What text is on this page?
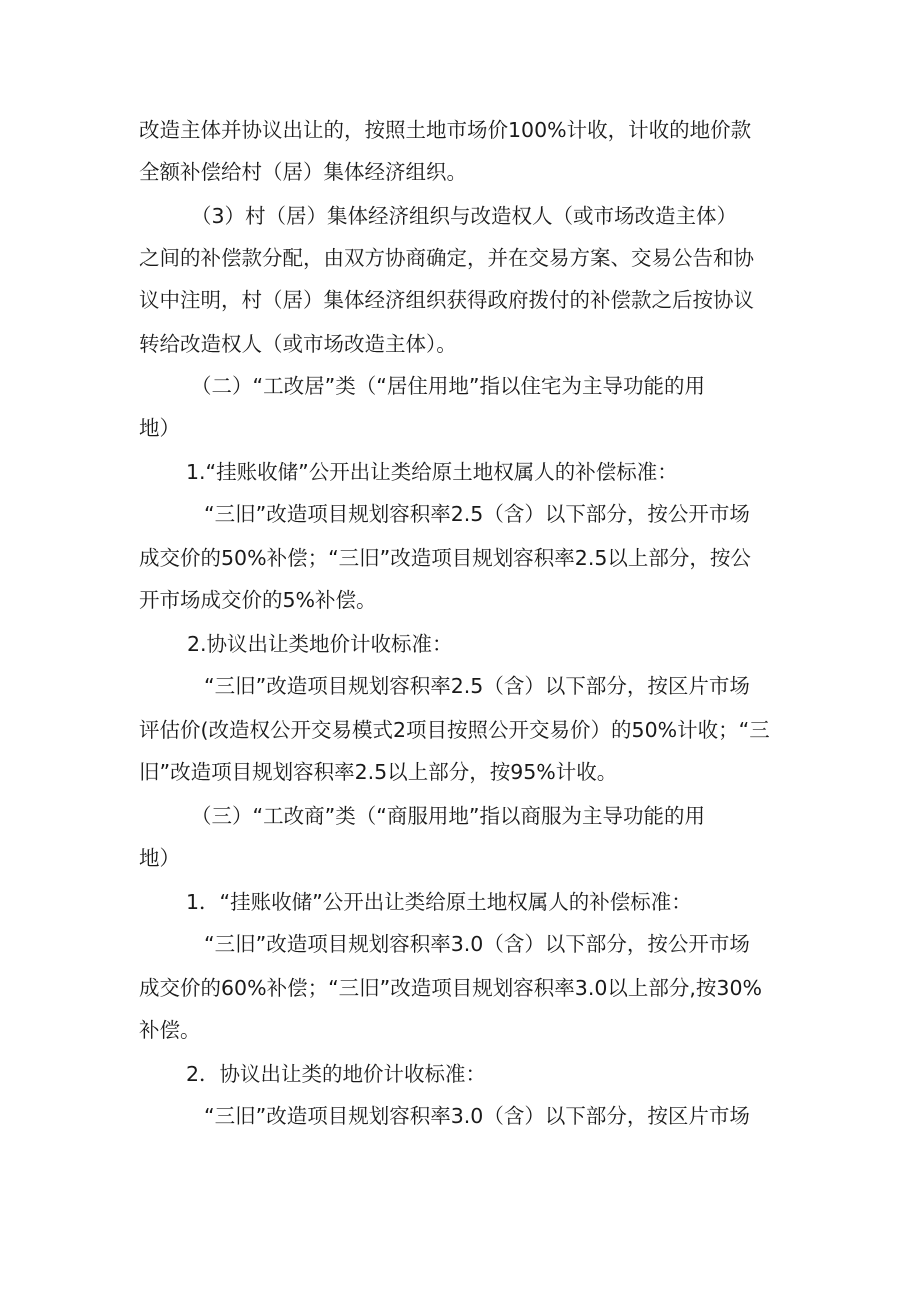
改造主体并协议出让的，按照土地市场价100%计收，计收的地价款
全额补偿给村（居）集体经济组织。
（3）村（居）集体经济组织与改造权人（或市场改造主体）
之间的补偿款分配，由双方协商确定，并在交易方案、交易公告和协
议中注明，村（居）集体经济组织获得政府拨付的补偿款之后按协议
转给改造权人（或市场改造主体）。
（二）“工改居”类（“居住用地”指以住宅为主导功能的用
地）
1.“挂账收储”公开出让类给原土地权属人的补偿标准：
“三旧”改造项目规划容积率2.5（含）以下部分，按公开市场
成交价的50%补偿；“三旧”改造项目规划容积率2.5以上部分，按公
开市场成交价的5%补偿。
2.协议出让类地价计收标准：
“三旧”改造项目规划容积率2.5（含）以下部分，按区片市场
评估价(改造权公开交易模式2项目按照公开交易价）的50%计收；“三
旧”改造项目规划容积率2.5以上部分，按95%计收。
（三）“工改商”类（“商服用地”指以商服为主导功能的用
地）
1．“挂账收储”公开出让类给原土地权属人的补偿标准：
“三旧”改造项目规划容积率3.0（含）以下部分，按公开市场
成交价的60%补偿；“三旧”改造项目规划容积率3.0以上部分,按30%
补偿。
2．协议出让类的地价计收标准：
“三旧”改造项目规划容积率3.0（含）以下部分，按区片市场
